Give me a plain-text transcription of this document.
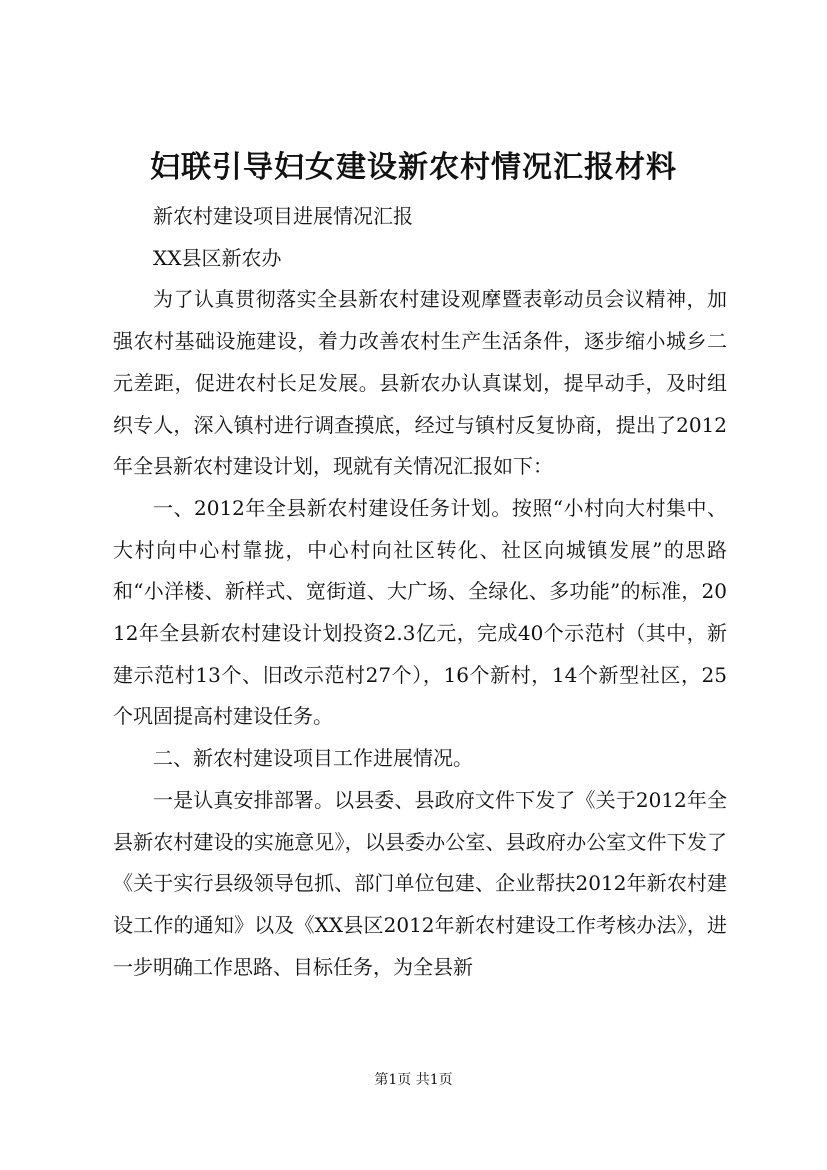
妇联引导妇女建设新农村情况汇报材料

新农村建设项目进展情况汇报

XX县区新农办

为了认真贯彻落实全县新农村建设观摩暨表彰动员会议精神，加强农村基础设施建设，着力改善农村生产生活条件，逐步缩小城乡二元差距，促进农村长足发展。县新农办认真谋划，提早动手，及时组织专人，深入镇村进行调查摸底，经过与镇村反复协商，提出了2012年全县新农村建设计划，现就有关情况汇报如下：

一、2012年全县新农村建设任务计划。按照“小村向大村集中、大村向中心村靠拢，中心村向社区转化、社区向城镇发展”的思路和“小洋楼、新样式、宽街道、大广场、全绿化、多功能”的标准，2012年全县新农村建设计划投资2.3亿元，完成40个示范村（其中，新建示范村13个、旧改示范村27个），16个新村，14个新型社区，25个巩固提高村建设任务。

二、新农村建设项目工作进展情况。

一是认真安排部署。以县委、县政府文件下发了《关于2012年全县新农村建设的实施意见》，以县委办公室、县政府办公室文件下发了《关于实行县级领导包抓、部门单位包建、企业帮扶2012年新农村建设工作的通知》以及《XX县区2012年新农村建设工作考核办法》，进一步明确工作思路、目标任务，为全县新

第1页 共1页
